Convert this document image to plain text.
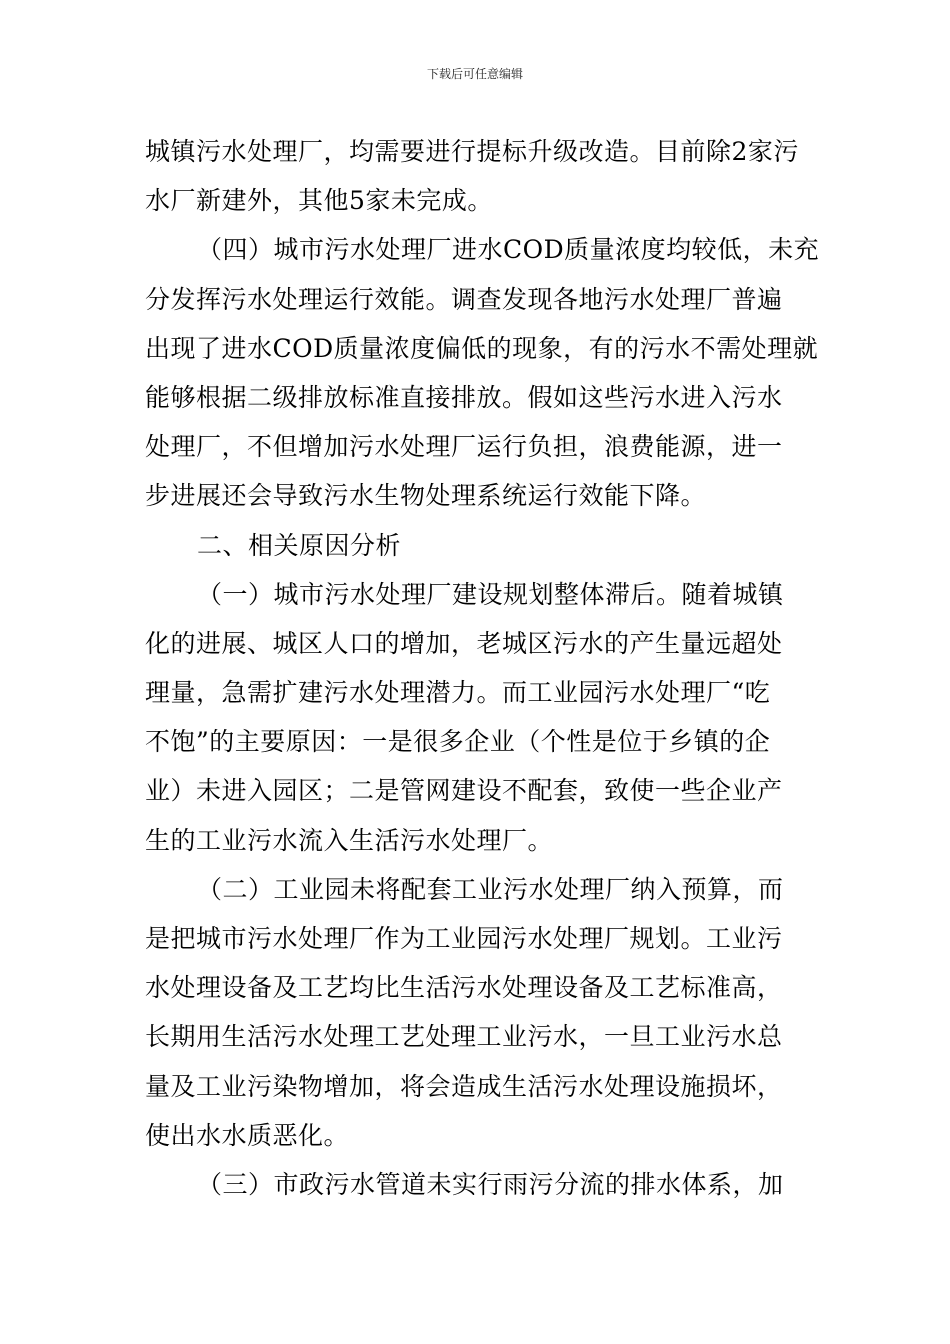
下载后可任意编辑
城镇污水处理厂，均需要进行提标升级改造。目前除2家污
水厂新建外，其他5家未完成。
（四）城市污水处理厂进水COD质量浓度均较低，未充
分发挥污水处理运行效能。调查发现各地污水处理厂普遍
出现了进水COD质量浓度偏低的现象，有的污水不需处理就
能够根据二级排放标准直接排放。假如这些污水进入污水
处理厂，不但增加污水处理厂运行负担，浪费能源，进一
步进展还会导致污水生物处理系统运行效能下降。
二、相关原因分析
（一）城市污水处理厂建设规划整体滞后。随着城镇
化的进展、城区人口的增加，老城区污水的产生量远超处
理量，急需扩建污水处理潜力。而工业园污水处理厂“吃
不饱”的主要原因：一是很多企业（个性是位于乡镇的企
业）未进入园区；二是管网建设不配套，致使一些企业产
生的工业污水流入生活污水处理厂。
（二）工业园未将配套工业污水处理厂纳入预算，而
是把城市污水处理厂作为工业园污水处理厂规划。工业污
水处理设备及工艺均比生活污水处理设备及工艺标准高，
长期用生活污水处理工艺处理工业污水，一旦工业污水总
量及工业污染物增加，将会造成生活污水处理设施损坏，
使出水水质恶化。
（三）市政污水管道未实行雨污分流的排水体系，加
